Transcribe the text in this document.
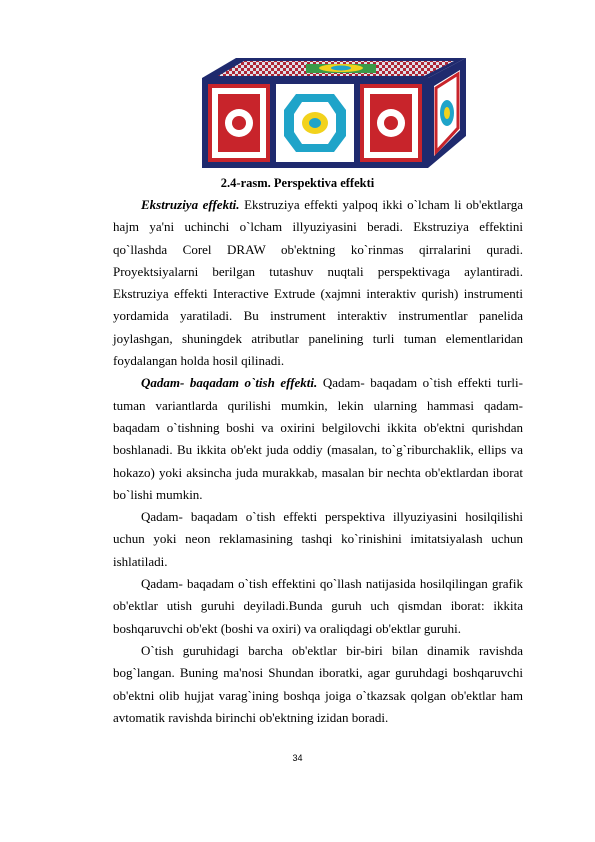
2.4-rasm. Perspektiva effekti

Ekstruziya effekti. Ekstruziya effekti yalpoq ikki o`lcham li ob'ektlarga hajm ya'ni uchinchi o`lcham illyuziyasini beradi. Ekstruziya effektini qo`llashda Corel DRAW ob'ektning ko`rinmas qirralarini quradi. Proyektsiyalarni berilgan tutashuv nuqtali perspektivaga aylantiradi. Ekstruziya effekti Interactive Extrude (xajmni interaktiv qurish) instrumenti yordamida yaratiladi. Bu instrument interaktiv instrumentlar panelida joylashgan, shuningdek atributlar panelining turli tuman elementlaridan foydalangan holda hosil qilinadi.

Qadam- baqadam o`tish effekti. Qadam- baqadam o`tish effekti turli-tuman variantlarda qurilishi mumkin, lekin ularning hammasi qadam- baqadam o`tishning boshi va oxirini belgilovchi ikkita ob'ektni qurishdan boshlanadi. Bu ikkita ob'ekt juda oddiy (masalan, to`g`riburchaklik, ellips va hokazo) yoki aksincha juda murakkab, masalan bir nechta ob'ektlardan iborat bo`lishi mumkin.

Qadam- baqadam o`tish effekti perspektiva illyuziyasini hosilqilishi uchun yoki neon reklamasining tashqi ko`rinishini imitatsiyalash uchun ishlatiladi.

Qadam- baqadam o`tish effektini qo`llash natijasida hosilqilingan grafik ob'ektlar utish guruhi deyiladi.Bunda guruh uch qismdan iborat: ikkita boshqaruvchi ob'ekt (boshi va oxiri) va oraliqdagi ob'ektlar guruhi.

O`tish guruhidagi barcha ob'ektlar bir-biri bilan dinamik ravishda bog`langan. Buning ma'nosi Shundan iboratki, agar guruhdagi boshqaruvchi ob'ektni olib hujjat varag`ining boshqa joiga o`tkazsak qolgan ob'ektlar ham avtomatik ravishda birinchi ob'ektning izidan boradi.

34
